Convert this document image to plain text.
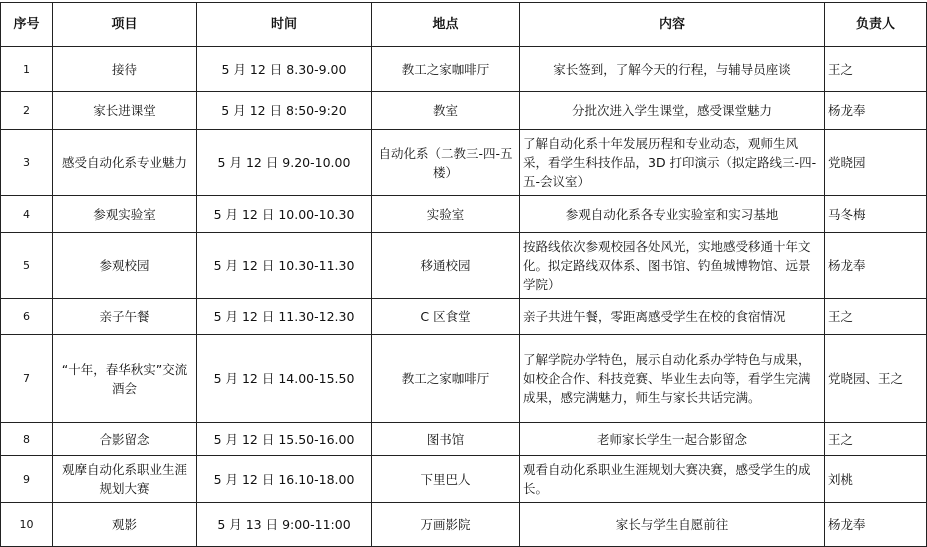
序号	项目	时间	地点	内容	负责人
1	接待	5 月 12 日 8.30-9.00	教工之家咖啡厅	家长签到，了解今天的行程，与辅导员座谈	王之
2	家长进课堂	5 月 12 日 8:50-9:20	教室	分批次进入学生课堂，感受课堂魅力	杨龙奉
3	感受自动化系专业魅力	5 月 12 日 9.20-10.00	自动化系（二教三-四-五楼）	了解自动化系十年发展历程和专业动态，观师生风采，看学生科技作品，3D 打印演示（拟定路线三-四-五-会议室）	党晓园
4	参观实验室	5 月 12 日 10.00-10.30	实验室	参观自动化系各专业实验室和实习基地	马冬梅
5	参观校园	5 月 12 日 10.30-11.30	移通校园	按路线依次参观校园各处风光，实地感受移通十年文化。拟定路线双体系、图书馆、钓鱼城博物馆、远景学院）	杨龙奉
6	亲子午餐	5 月 12 日 11.30-12.30	C 区食堂	亲子共进午餐，零距离感受学生在校的食宿情况	王之
7	“十年，春华秋实”交流酒会	5 月 12 日 14.00-15.50	教工之家咖啡厅	了解学院办学特色，展示自动化系办学特色与成果，如校企合作、科技竞赛、毕业生去向等，看学生完满成果，感完满魅力，师生与家长共话完满。	党晓园、王之
8	合影留念	5 月 12 日 15.50-16.00	图书馆	老师家长学生一起合影留念	王之
9	观摩自动化系职业生涯规划大赛	5 月 12 日 16.10-18.00	下里巴人	观看自动化系职业生涯规划大赛决赛，感受学生的成长。	刘桃
10	观影	5 月 13 日 9:00-11:00	万画影院	家长与学生自愿前往	杨龙奉
